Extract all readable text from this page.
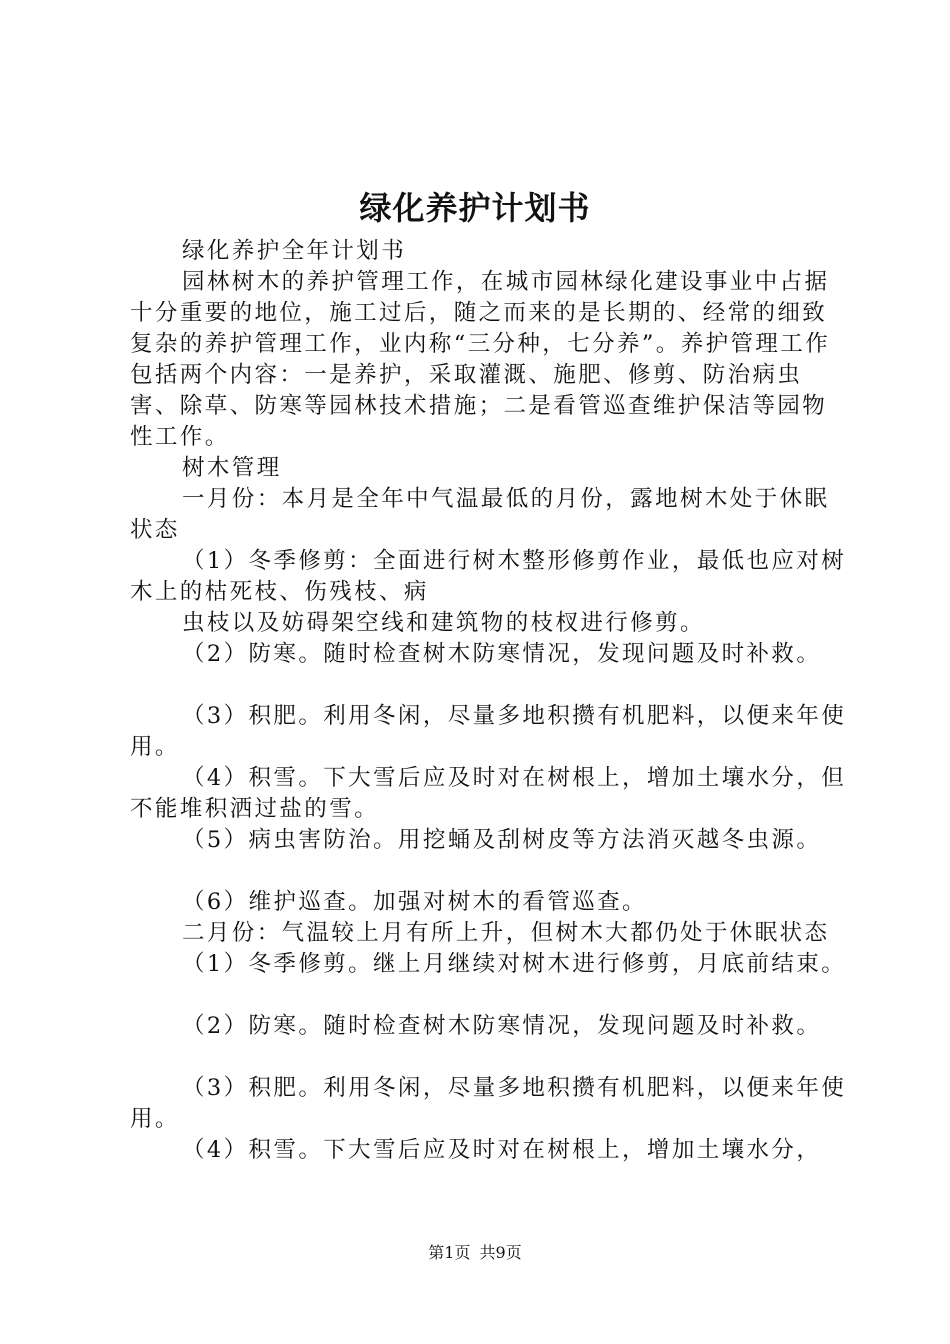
绿化养护计划书

绿化养护全年计划书

园林树木的养护管理工作，在城市园林绿化建设事业中占据十分重要的地位，施工过后，随之而来的是长期的、经常的细致复杂的养护管理工作，业内称“三分种，七分养”。养护管理工作包括两个内容：一是养护，采取灌溉、施肥、修剪、防治病虫害、除草、防寒等园林技术措施；二是看管巡查维护保洁等园物性工作。

树木管理

一月份：本月是全年中气温最低的月份，露地树木处于休眠状态

（1）冬季修剪：全面进行树木整形修剪作业，最低也应对树木上的枯死枝、伤残枝、病

虫枝以及妨碍架空线和建筑物的枝杈进行修剪。

（2）防寒。随时检查树木防寒情况，发现问题及时补救。

（3）积肥。利用冬闲，尽量多地积攒有机肥料，以便来年使用。

（4）积雪。下大雪后应及时对在树根上，增加土壤水分，但不能堆积洒过盐的雪。

（5）病虫害防治。用挖蛹及刮树皮等方法消灭越冬虫源。

（6）维护巡查。加强对树木的看管巡查。

二月份：气温较上月有所上升，但树木大都仍处于休眠状态

（1）冬季修剪。继上月继续对树木进行修剪，月底前结束。

（2）防寒。随时检查树木防寒情况，发现问题及时补救。

（3）积肥。利用冬闲，尽量多地积攒有机肥料，以便来年使用。

（4）积雪。下大雪后应及时对在树根上，增加土壤水分，

第1页 共9页
